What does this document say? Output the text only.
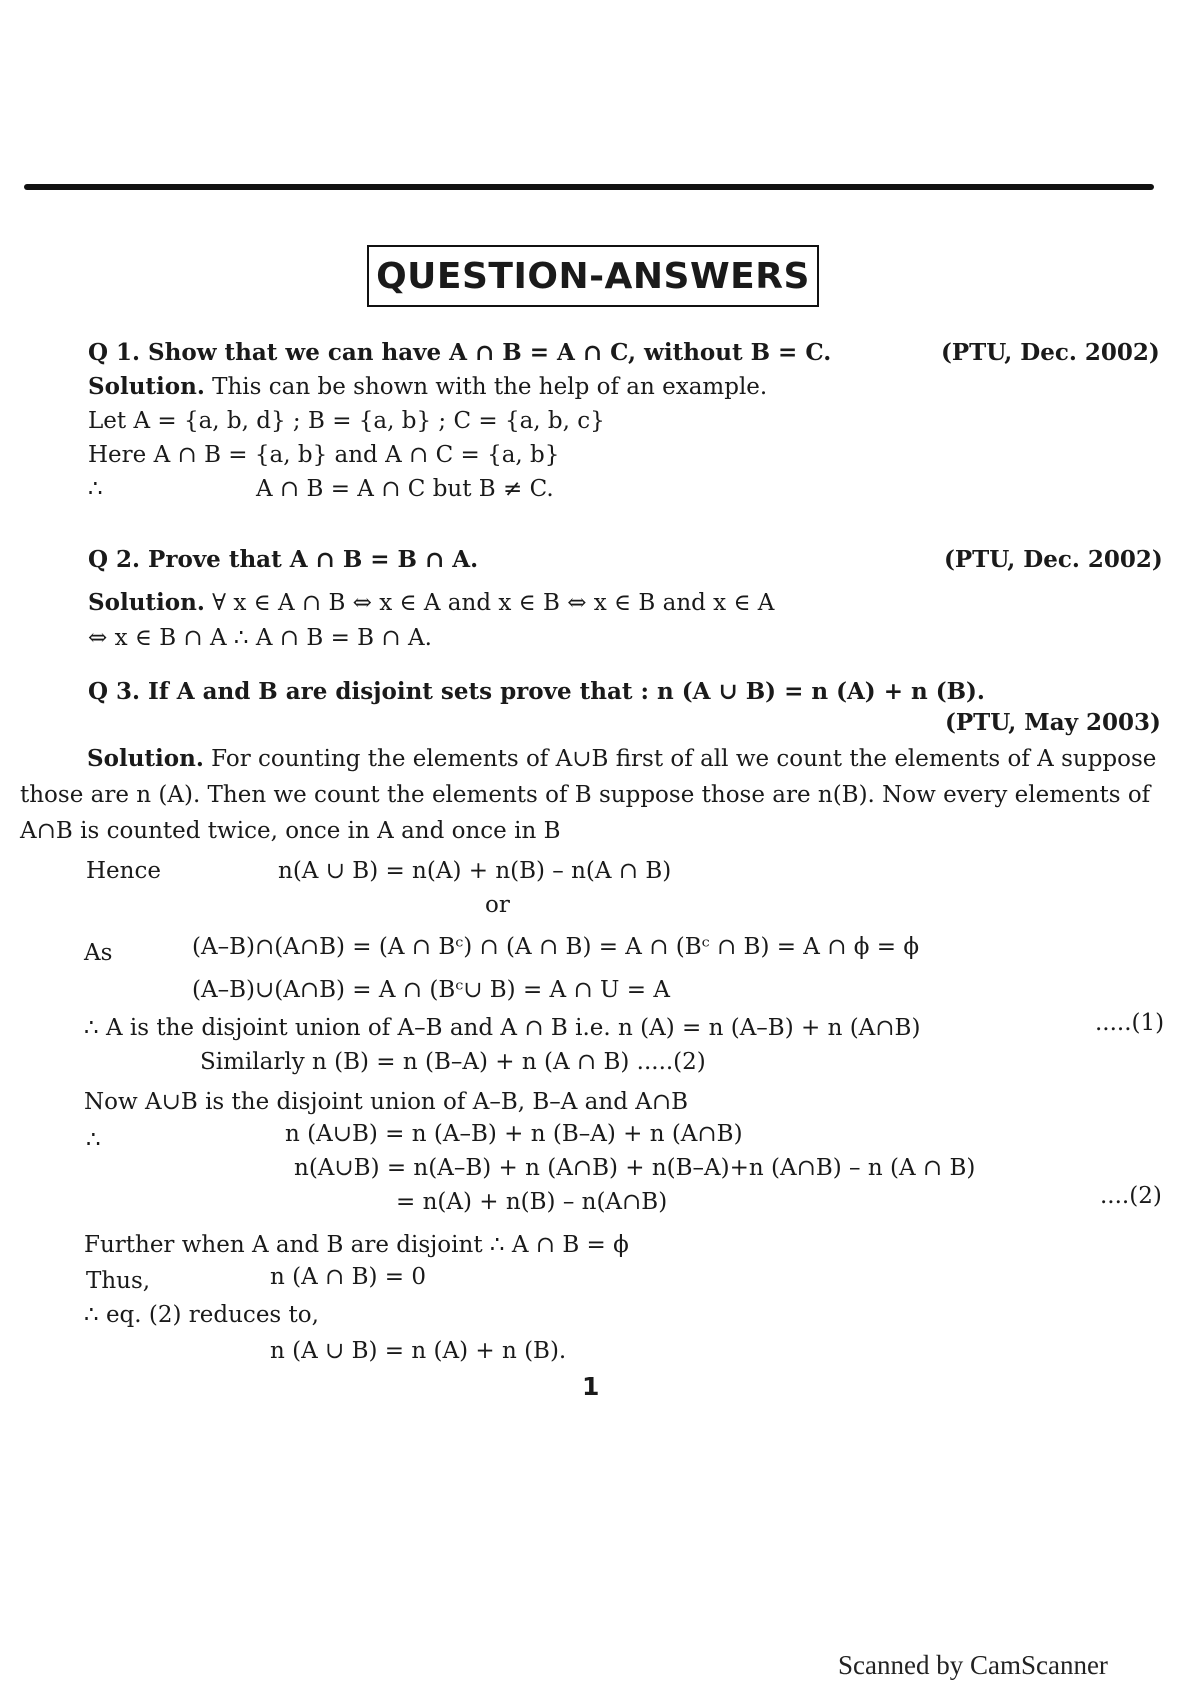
QUESTION-ANSWERS
Q 1. Show that we can have A ∩ B = A ∩ C, without B = C.	(PTU, Dec. 2002)
Solution. This can be shown with the help of an example.
Let A = {a, b, d} ; B = {a, b} ; C = {a, b, c}
Here A ∩ B = {a, b} and A ∩ C = {a, b}
∴	A ∩ B = A ∩ C but B ≠ C.
Q 2. Prove that A ∩ B = B ∩ A.	(PTU, Dec. 2002)
Solution. ∀ x ∈ A ∩ B ⇔ x ∈ A and x ∈ B ⇔ x ∈ B and x ∈ A
⇔ x ∈ B ∩ A ∴ A ∩ B = B ∩ A.
Q 3. If A and B are disjoint sets prove that : n (A ∪ B) = n (A) + n (B).
(PTU, May 2003)
Solution. For counting the elements of A∪B first of all we count the elements of A suppose those are n (A). Then we count the elements of B suppose those are n(B). Now every elements of A∩B is counted twice, once in A and once in B
Hence	n(A ∪ B) = n(A) + n(B) – n(A ∩ B)
or
As	(A–B)∩(A∩B) = (A ∩ Bᶜ) ∩ (A ∩ B) = A ∩ (Bᶜ ∩ B) = A ∩ ϕ = ϕ
(A–B)∪(A∩B) = A ∩ (Bᶜ∪ B) = A ∩ U = A
∴ A is the disjoint union of A–B and A ∩ B i.e. n (A) = n (A–B) + n (A∩B)	.....(1)
Similarly n (B) = n (B–A) + n (A ∩ B) .....(2)
Now A∪B is the disjoint union of A–B, B–A and A∩B
∴	n (A∪B) = n (A–B) + n (B–A) + n (A∩B)
n(A∪B) = n(A–B) + n (A∩B) + n(B–A)+n (A∩B) – n (A ∩ B)
= n(A) + n(B) – n(A∩B)	....(2)
Further when A and B are disjoint ∴ A ∩ B = ϕ
Thus,	n (A ∩ B) = 0
∴ eq. (2) reduces to,
n (A ∪ B) = n (A) + n (B).
1
Scanned by CamScanner
